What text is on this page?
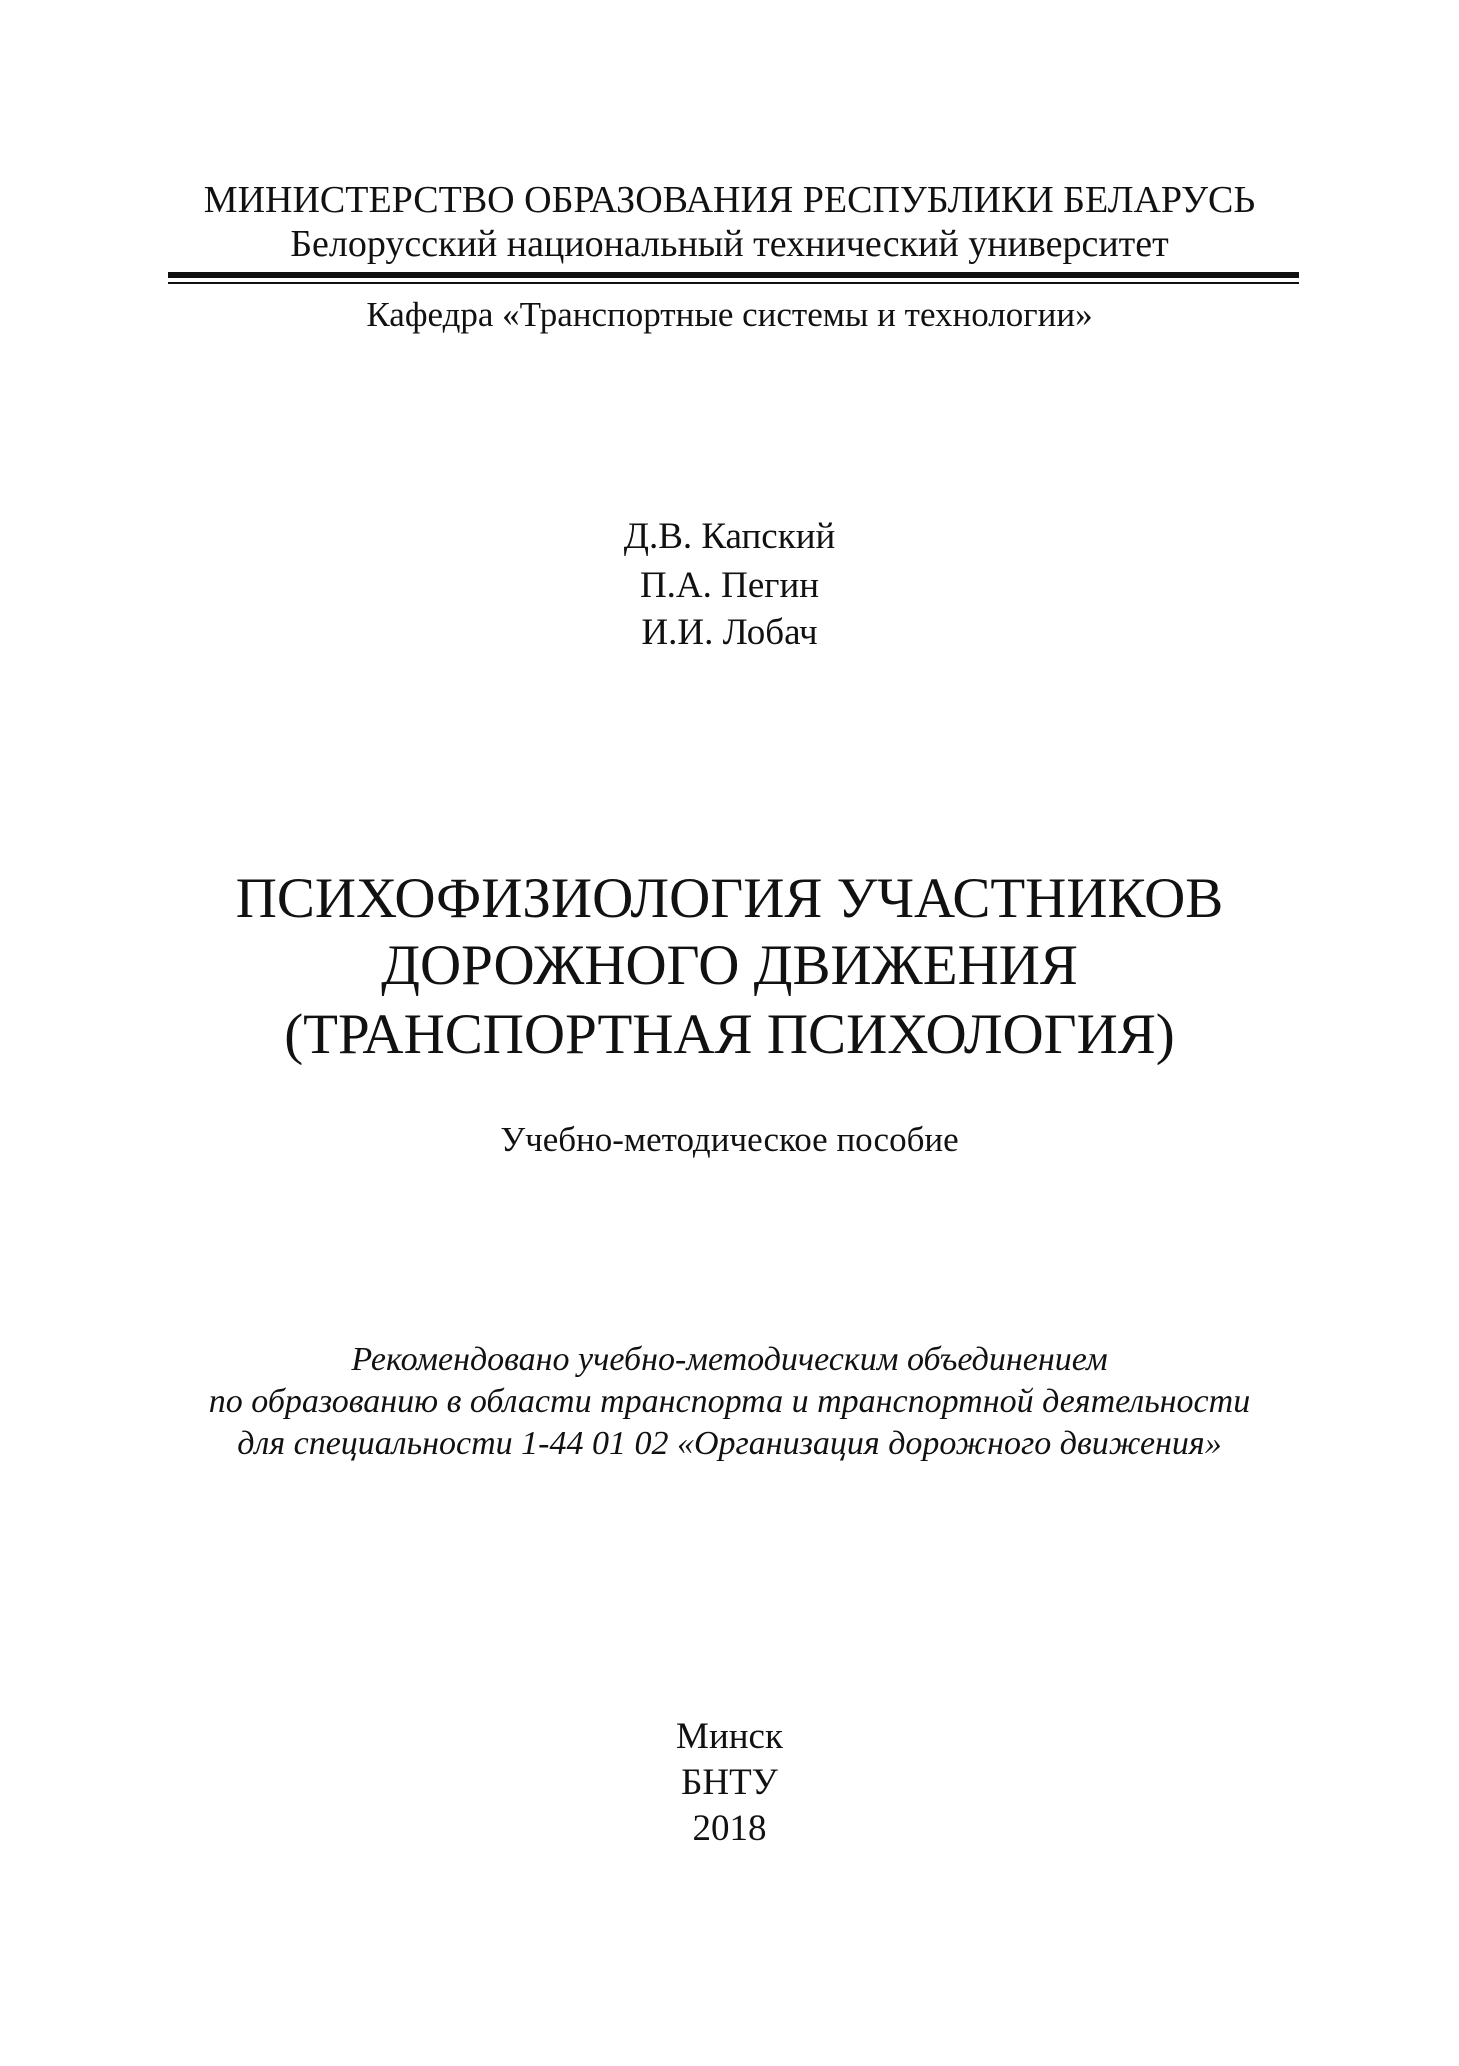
МИНИСТЕРСТВО ОБРАЗОВАНИЯ РЕСПУБЛИКИ БЕЛАРУСЬ
Белорусский национальный технический университет
Кафедра «Транспортные системы и технологии»
Д.В. Капский
П.А. Пегин
И.И. Лобач
ПСИХОФИЗИОЛОГИЯ УЧАСТНИКОВ
ДОРОЖНОГО ДВИЖЕНИЯ
(ТРАНСПОРТНАЯ ПСИХОЛОГИЯ)
Учебно-методическое пособие
Рекомендовано учебно-методическим объединением
по образованию в области транспорта и транспортной деятельности
для специальности 1-44 01 02 «Организация дорожного движения»
Минск
БНТУ
2018
